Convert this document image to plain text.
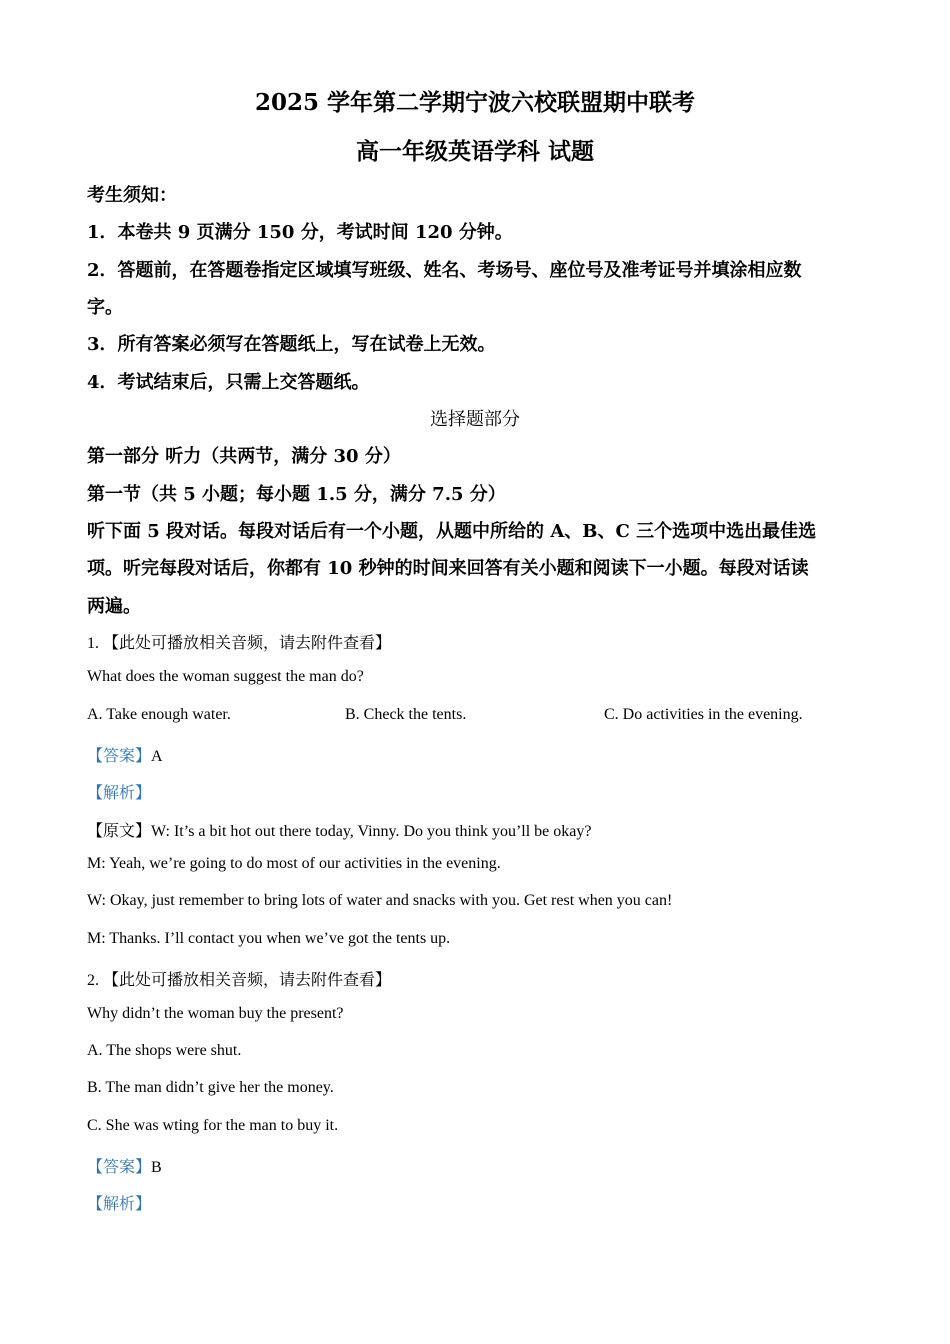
2025 学年第二学期宁波六校联盟期中联考
高一年级英语学科 试题
考生须知：
1．本卷共 9 页满分 150 分，考试时间 120 分钟。
2．答题前，在答题卷指定区域填写班级、姓名、考场号、座位号及准考证号并填涂相应数
字。
3．所有答案必须写在答题纸上，写在试卷上无效。
4．考试结束后，只需上交答题纸。
选择题部分
第一部分 听力（共两节，满分 30 分）
第一节（共 5 小题；每小题 1.5 分，满分 7.5 分）
听下面 5 段对话。每段对话后有一个小题，从题中所给的 A、B、C 三个选项中选出最佳选
项。听完每段对话后，你都有 10 秒钟的时间来回答有关小题和阅读下一小题。每段对话读
两遍。
1. 【此处可播放相关音频，请去附件查看】
What does the woman suggest the man do?
A. Take enough water.	B. Check the tents.	C. Do activities in the evening.
【答案】A
【解析】
【原文】W: It’s a bit hot out there today, Vinny. Do you think you’ll be okay?
M: Yeah, we’re going to do most of our activities in the evening.
W: Okay, just remember to bring lots of water and snacks with you. Get rest when you can!
M: Thanks. I’ll contact you when we’ve got the tents up.
2. 【此处可播放相关音频，请去附件查看】
Why didn’t the woman buy the present?
A. The shops were shut.
B. The man didn’t give her the money.
C. She was wting for the man to buy it.
【答案】B
【解析】
